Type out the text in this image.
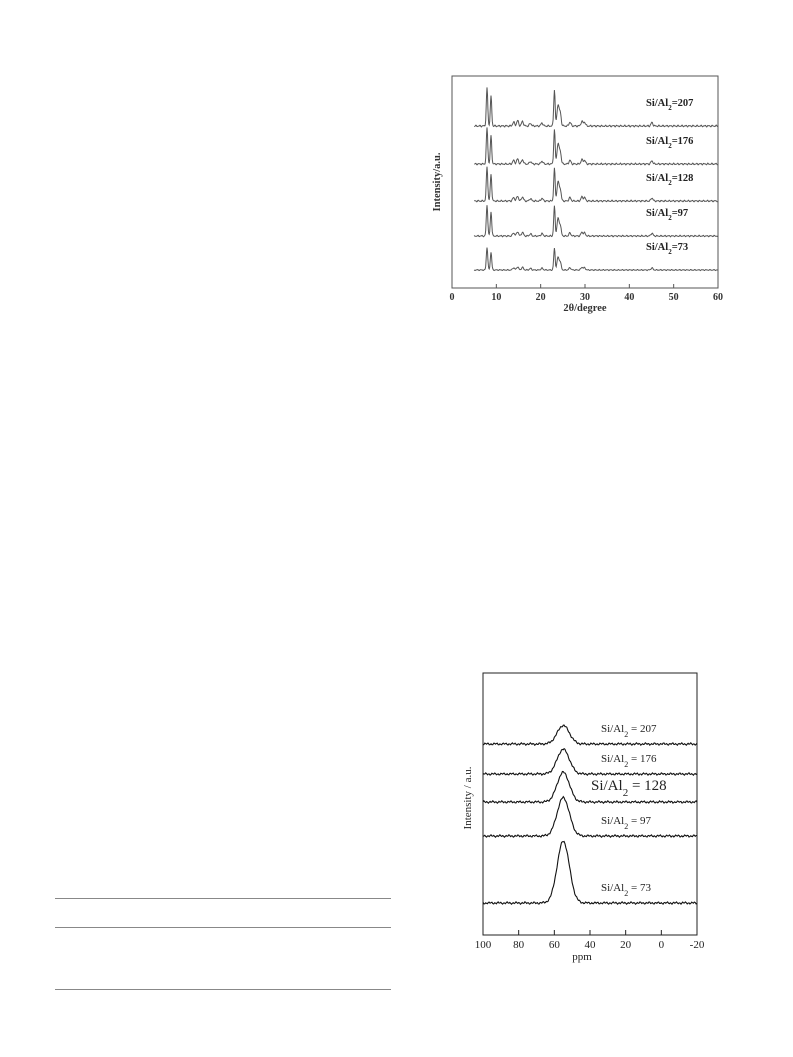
0	10	20	30	40	50	60
$Si/Al_2=207$
$Si/Al_2=176$
$Si/Al_2=128$
$Si/Al_2=97$
$Si/Al_2=73$
Intensity/a.u.
2θ/degree
100 80 60 40 20 0 -20
$Si/Al_2 = 207$
$Si/Al_2 = 176$
$Si/Al_2 = 128$
$Si/Al_2 = 97$
$Si/Al_2 = 73$
Intensity / a.u.
ppm
